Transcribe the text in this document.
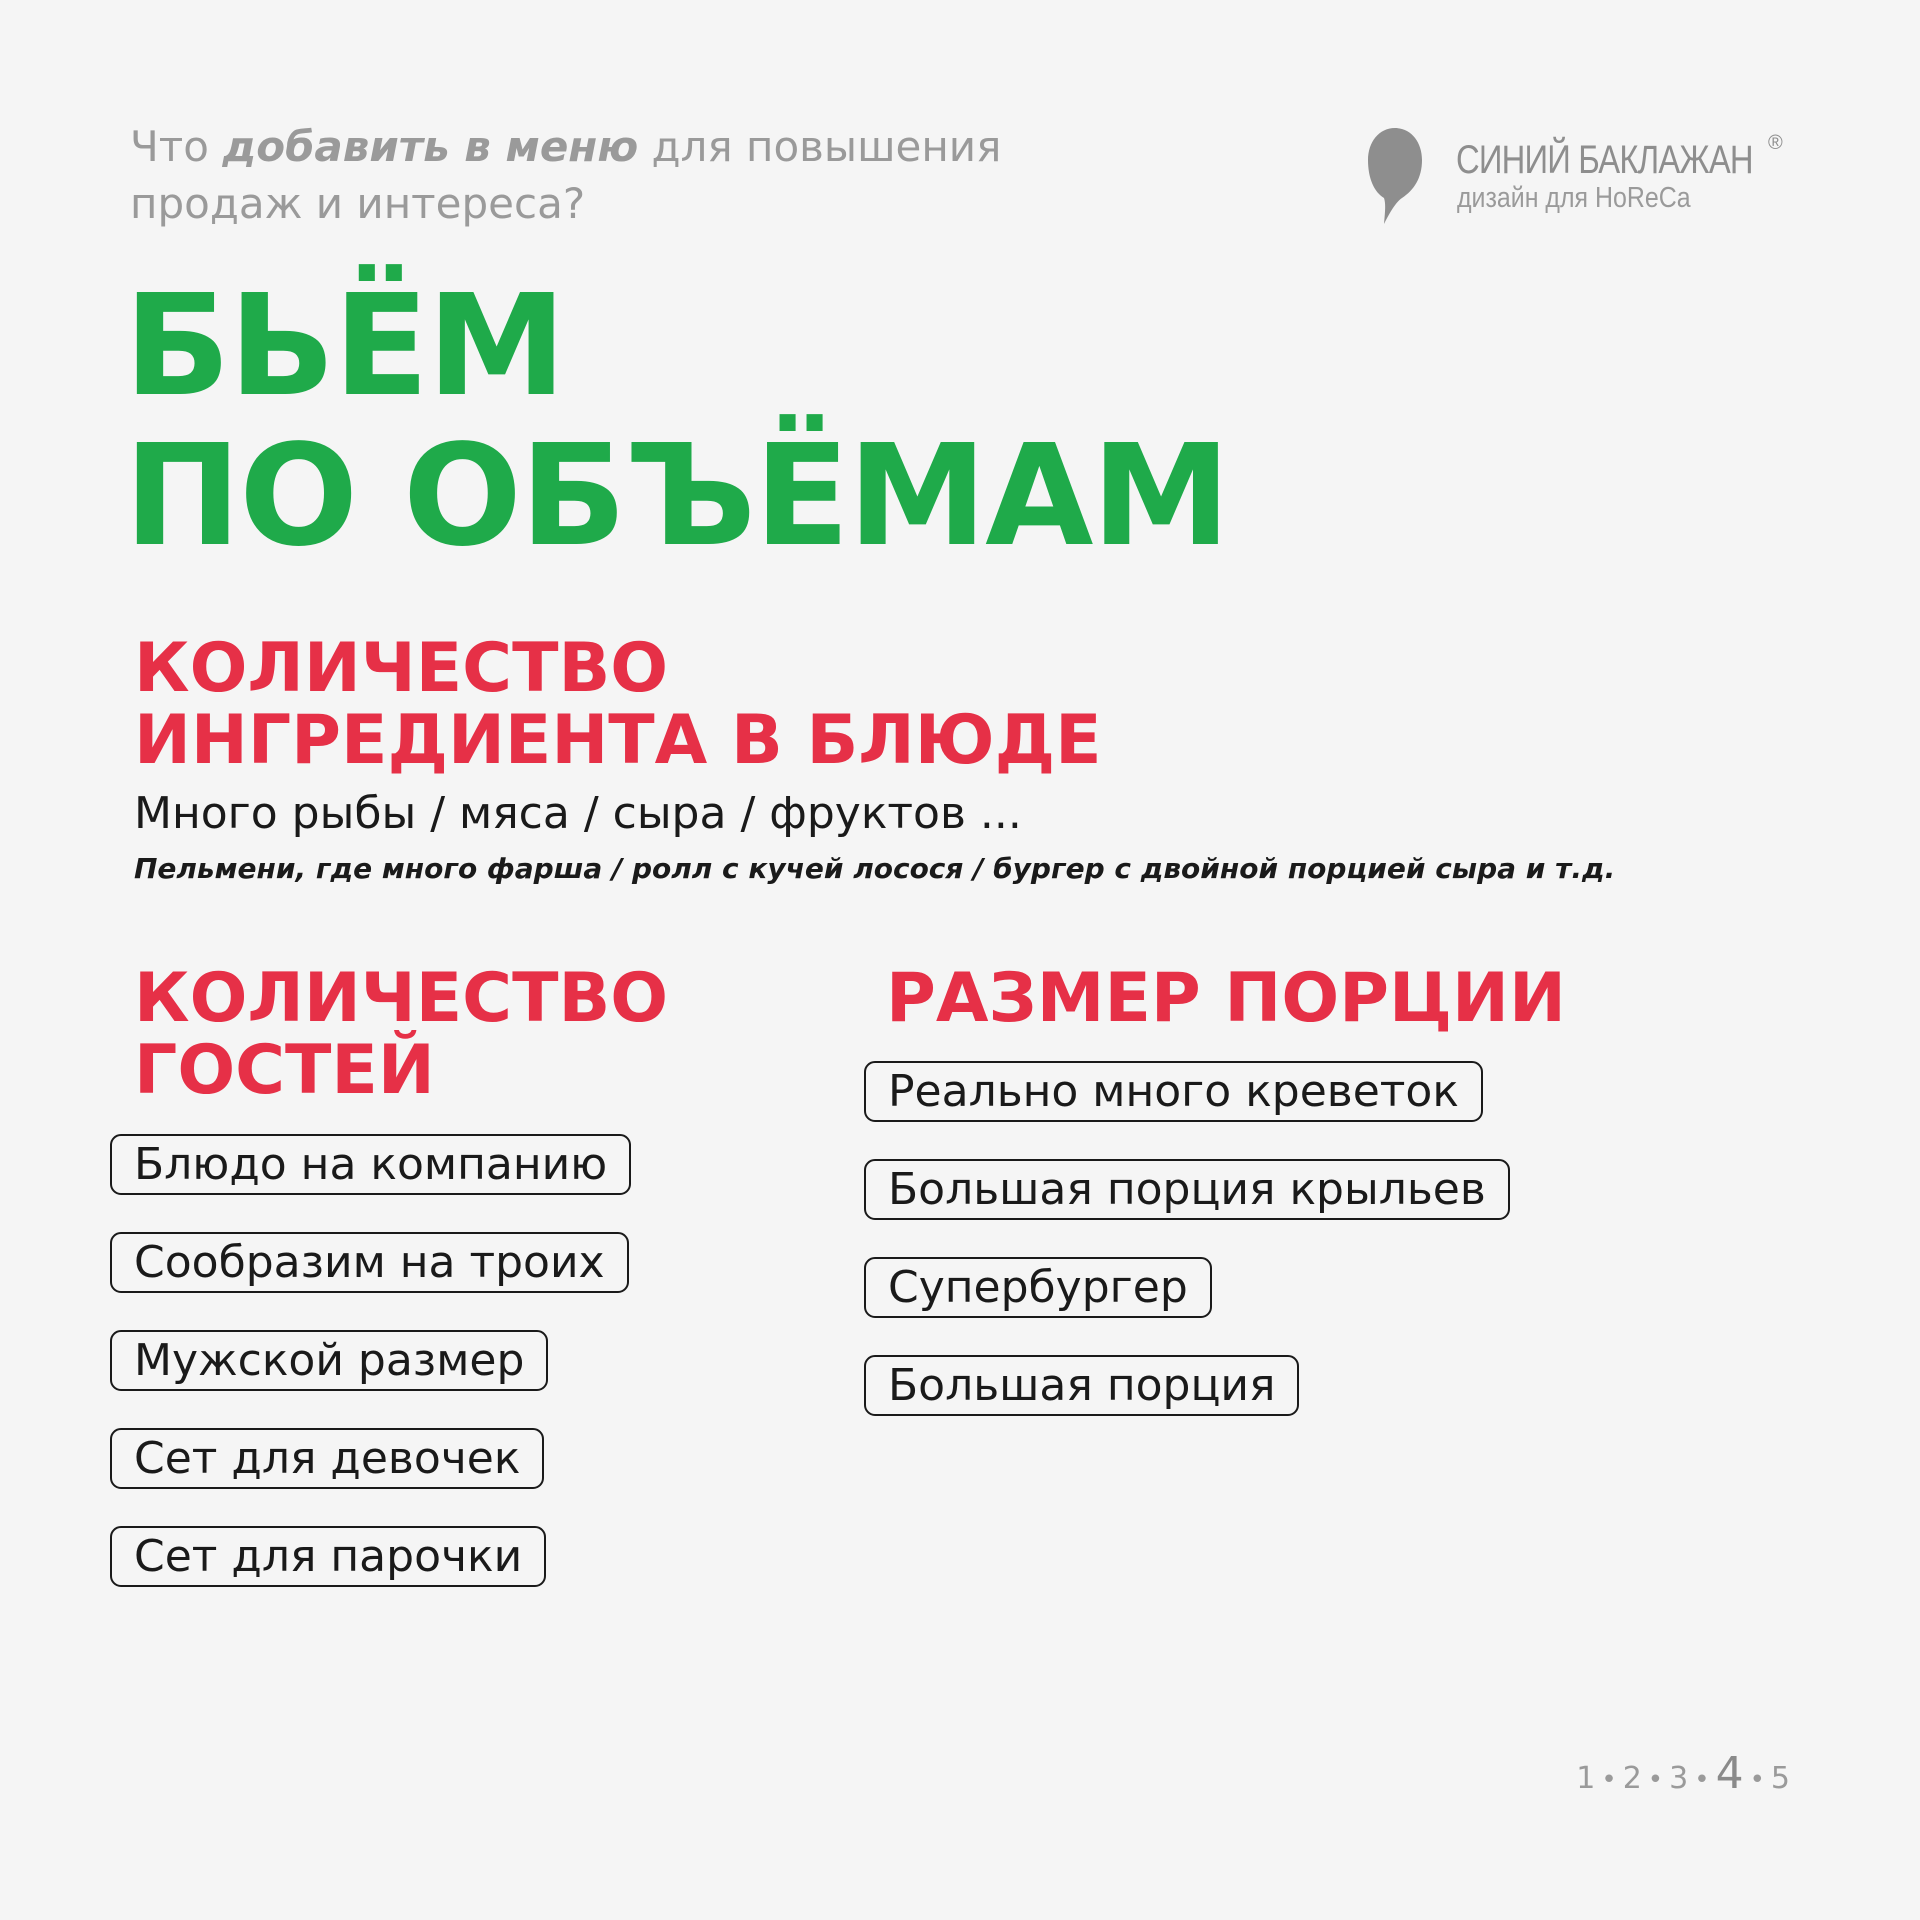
Что добавить в меню для повышения продаж и интереса?
СИНИЙ БАКЛАЖАН ®
дизайн для HoReCa
БЬЁМ
ПО ОБЪЁМАМ
КОЛИЧЕСТВО
ИНГРЕДИЕНТА В БЛЮДЕ
Много рыбы / мяса / сыра / фруктов ...
Пельмени, где много фарша / ролл с кучей лосося / бургер с двойной порцией сыра и т.д.
КОЛИЧЕСТВО
ГОСТЕЙ
Блюдо на компанию
Сообразим на троих
Мужской размер
Сет для девочек
Сет для парочки
РАЗМЕР ПОРЦИИ
Реально много креветок
Большая порция крыльев
Супербургер
Большая порция
1 • 2 • 3 • 4 • 5
